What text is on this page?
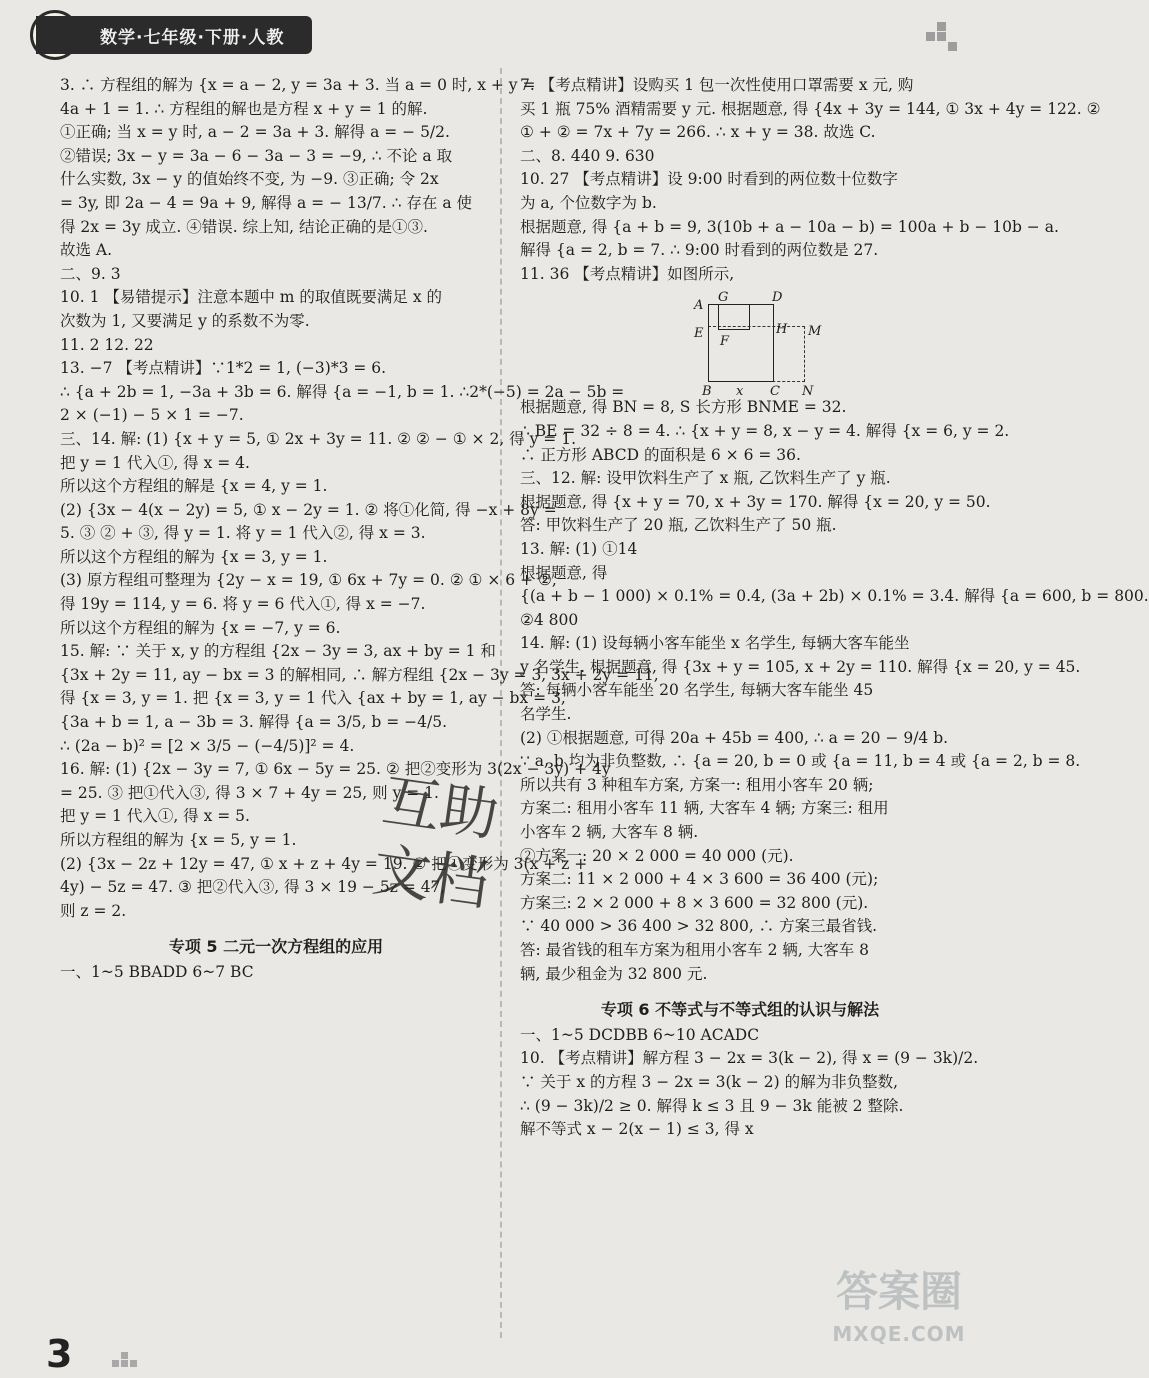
数学·七年级·下册·人教

3. ∴ 方程组的解为 {x = a − 2, y = 3a + 3. 当 a = 0 时, x + y =

4a + 1 = 1. ∴ 方程组的解也是方程 x + y = 1 的解.

①正确; 当 x = y 时, a − 2 = 3a + 3. 解得 a = − 5/2.

②错误; 3x − y = 3a − 6 − 3a − 3 = −9, ∴ 不论 a 取

什么实数, 3x − y 的值始终不变, 为 −9. ③正确; 令 2x

= 3y, 即 2a − 4 = 9a + 9, 解得 a = − 13/7. ∴ 存在 a 使

得 2x = 3y 成立. ④错误. 综上知, 结论正确的是①③.

故选 A.

二、9. 3

10. 1 【易错提示】注意本题中 m 的取值既要满足 x 的

次数为 1, 又要满足 y 的系数不为零.

11. 2 12. 22

13. −7 【考点精讲】∵1*2 = 1, (−3)*3 = 6.

∴ {a + 2b = 1, −3a + 3b = 6. 解得 {a = −1, b = 1. ∴2*(−5) = 2a − 5b =

2 × (−1) − 5 × 1 = −7.

三、14. 解: (1) {x + y = 5, ① 2x + 3y = 11. ② ② − ① × 2, 得 y = 1.

把 y = 1 代入①, 得 x = 4.

所以这个方程组的解是 {x = 4, y = 1.

(2) {3x − 4(x − 2y) = 5, ① x − 2y = 1. ② 将①化简, 得 −x + 8y =

5. ③ ② + ③, 得 y = 1. 将 y = 1 代入②, 得 x = 3.

所以这个方程组的解为 {x = 3, y = 1.

(3) 原方程组可整理为 {2y − x = 19, ① 6x + 7y = 0. ② ① × 6 + ②,

得 19y = 114, y = 6. 将 y = 6 代入①, 得 x = −7.

所以这个方程组的解为 {x = −7, y = 6.

15. 解: ∵ 关于 x, y 的方程组 {2x − 3y = 3, ax + by = 1 和

{3x + 2y = 11, ay − bx = 3 的解相同, ∴ 解方程组 {2x − 3y = 3, 3x + 2y = 11,

得 {x = 3, y = 1. 把 {x = 3, y = 1 代入 {ax + by = 1, ay − bx = 3,

{3a + b = 1, a − 3b = 3. 解得 {a = 3/5, b = −4/5.

∴ (2a − b)² = [2 × 3/5 − (−4/5)]² = 4.

16. 解: (1) {2x − 3y = 7, ① 6x − 5y = 25. ② 把②变形为 3(2x − 3y) + 4y

= 25. ③ 把①代入③, 得 3 × 7 + 4y = 25, 则 y = 1.

把 y = 1 代入①, 得 x = 5.

所以方程组的解为 {x = 5, y = 1.

(2) {3x − 2z + 12y = 47, ① x + z + 4y = 19. ② 把①变形为 3(x + z +

4y) − 5z = 47. ③ 把②代入③, 得 3 × 19 − 5z = 47,

则 z = 2.

专项 5 二元一次方程组的应用

一、1~5 BBADD 6~7 BC

7. 【考点精讲】设购买 1 包一次性使用口罩需要 x 元, 购

买 1 瓶 75% 酒精需要 y 元. 根据题意, 得 {4x + 3y = 144, ① 3x + 4y = 122. ②

① + ② = 7x + 7y = 266. ∴ x + y = 38. 故选 C.

二、8. 440 9. 630

10. 27 【考点精讲】设 9:00 时看到的两位数十位数字

为 a, 个位数字为 b.

根据题意, 得 {a + b = 9, 3(10b + a − 10a − b) = 100a + b − 10b − a.

解得 {a = 2, b = 7. ∴ 9:00 时看到的两位数是 27.

11. 36 【考点精讲】如图所示,

A
G	D
H M
E
F
B x C N

根据题意, 得 BN = 8, S 长方形 BNME = 32.

∴ BE = 32 ÷ 8 = 4. ∴ {x + y = 8, x − y = 4. 解得 {x = 6, y = 2.

∴ 正方形 ABCD 的面积是 6 × 6 = 36.

三、12. 解: 设甲饮料生产了 x 瓶, 乙饮料生产了 y 瓶.

根据题意, 得 {x + y = 70, x + 3y = 170. 解得 {x = 20, y = 50.

答: 甲饮料生产了 20 瓶, 乙饮料生产了 50 瓶.

13. 解: (1) ①14

根据题意, 得

{(a + b − 1 000) × 0.1% = 0.4, (3a + 2b) × 0.1% = 3.4. 解得 {a = 600, b = 800.

②4 800

14. 解: (1) 设每辆小客车能坐 x 名学生, 每辆大客车能坐

y 名学生. 根据题意, 得 {3x + y = 105, x + 2y = 110. 解得 {x = 20, y = 45.

答: 每辆小客车能坐 20 名学生, 每辆大客车能坐 45

名学生.

(2) ①根据题意, 可得 20a + 45b = 400, ∴ a = 20 − 9/4 b.

∵ a, b 均为非负整数, ∴ {a = 20, b = 0 或 {a = 11, b = 4 或 {a = 2, b = 8.

所以共有 3 种租车方案, 方案一: 租用小客车 20 辆;

方案二: 租用小客车 11 辆, 大客车 4 辆; 方案三: 租用

小客车 2 辆, 大客车 8 辆.

②方案一: 20 × 2 000 = 40 000 (元).

方案二: 11 × 2 000 + 4 × 3 600 = 36 400 (元);

方案三: 2 × 2 000 + 8 × 3 600 = 32 800 (元).

∵ 40 000 > 36 400 > 32 800, ∴ 方案三最省钱.

答: 最省钱的租车方案为租用小客车 2 辆, 大客车 8

辆, 最少租金为 32 800 元.

专项 6 不等式与不等式组的认识与解法

一、1~5 DCDBB 6~10 ACADC

10. 【考点精讲】解方程 3 − 2x = 3(k − 2), 得 x = (9 − 3k)/2.

∵ 关于 x 的方程 3 − 2x = 3(k − 2) 的解为非负整数,

∴ (9 − 3k)/2 ≥ 0. 解得 k ≤ 3 且 9 − 3k 能被 2 整除.

解不等式 x − 2(x − 1) ≤ 3, 得 x

互助文档
3
答案圈
MXQE.COM
